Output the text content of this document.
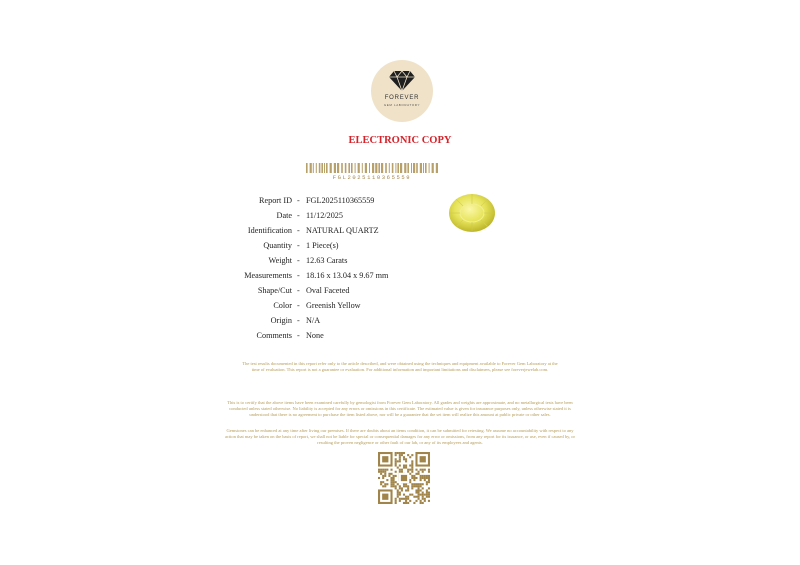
FOREVER
GEM LABORATORY
ELECTRONIC COPY
FGL2025110365559
Report ID - FGL2025110365559
Date - 11/12/2025
Identification - NATURAL QUARTZ
Quantity - 1 Piece(s)
Weight - 12.63 Carats
Measurements - 18.16 x 13.04 x 9.67 mm
Shape/Cut - Oval Faceted
Color - Greenish Yellow
Origin - N/A
Comments - None
The test results documented in this report refer only to the article described, and were obtained using the techniques and equipment available to Forever Gem Laboratory at the time of evaluation. This report is not a guarantee or evaluation. For additional information and important limitations and disclaimers, please see foreverjewelab.com.
This is to certify that the above items have been examined carefully by gemologist from Forever Gem Laboratory. All grades and weights are approximate, and no metallurgical tests have been conducted unless stated otherwise. No liability is accepted for any errors or omissions in this certificate. The estimated value is given for insurance purposes only, unless otherwise stated it is understood that there is no agreement to purchase the item listed above, nor will be a guarantee that the set item will realize this amount at public private or other sales.
Gemstones can be enhanced at any time after living our premises. If there are doubts about an items condition, it can be submitted for retesting. We assume no accountability with respect to any action that may be taken on the basis of report, we shall not be liable for special or consequential damages for any error or omissions, from any report for its issuance, or use, even if caused by, or resulting the proven negligence or other fault of our lab, or any of its employees and agents.
